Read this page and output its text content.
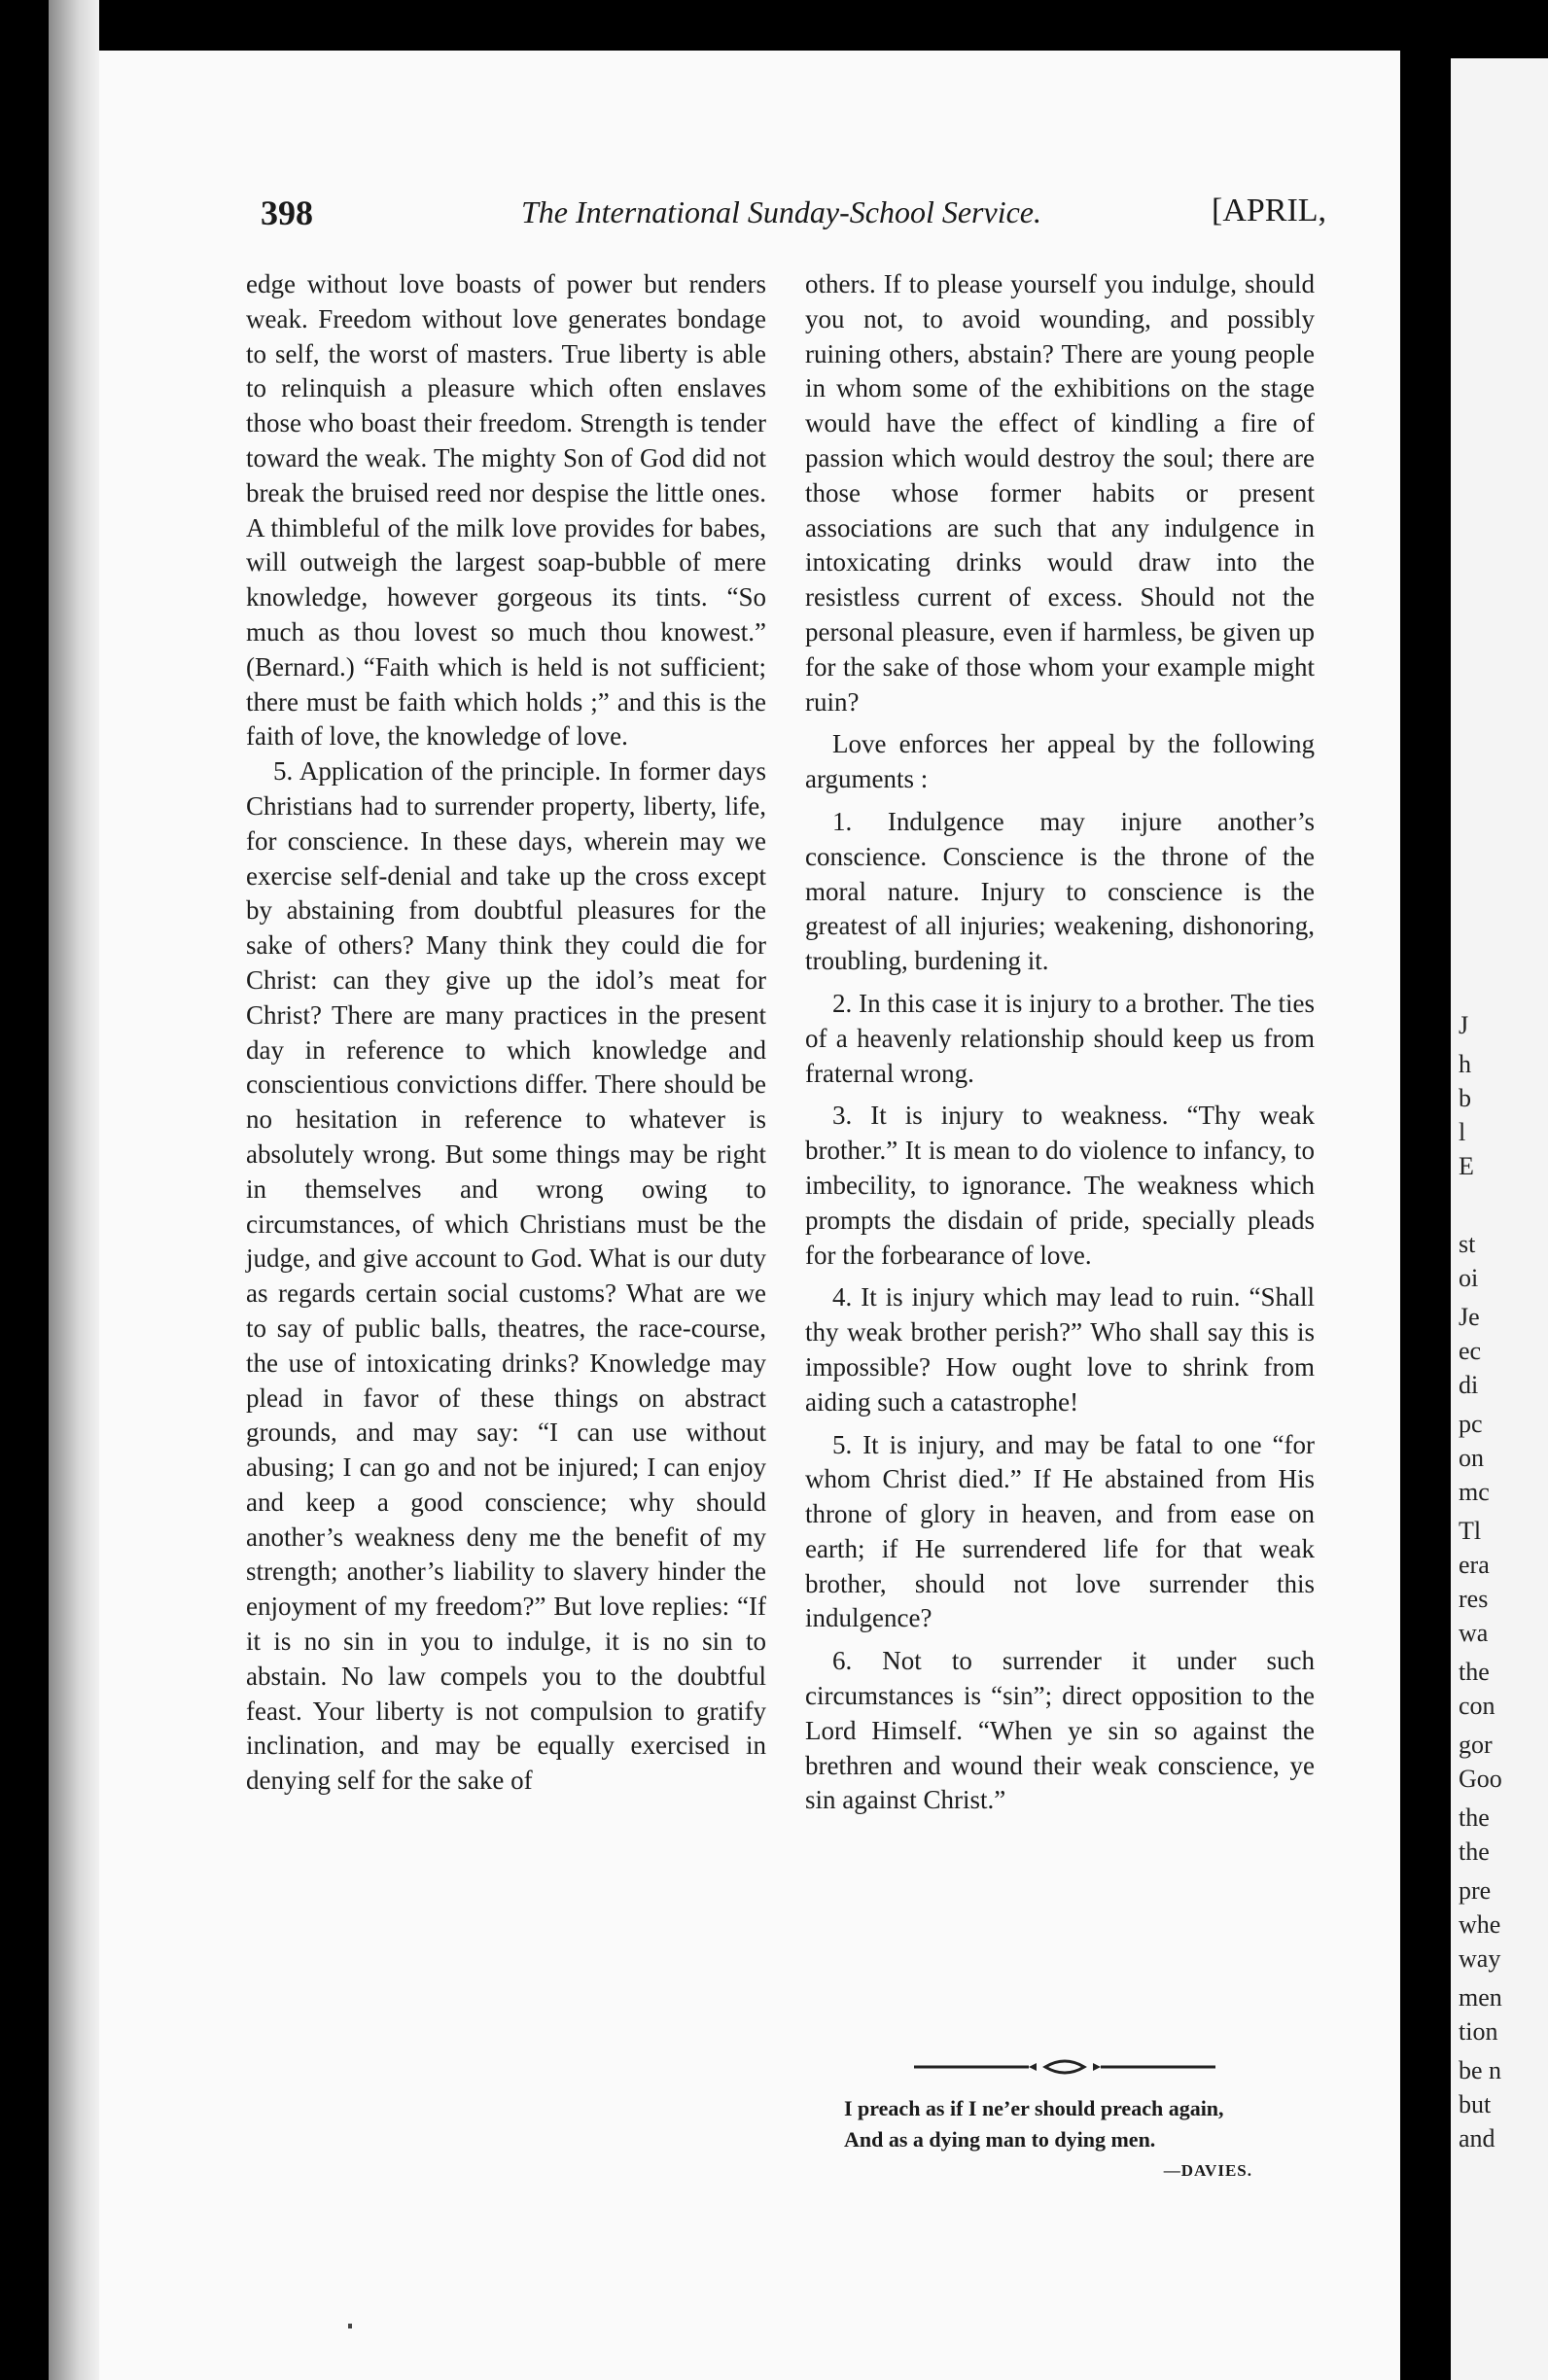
J
h
b
l
E
st
oi
Je
ec
di
pc
on
mc
Tl
era
res
wa
the
con
gor
Goo
the
the
pre
whe
way
men
tion
be n
but
and
398	The International Sunday-School Service.	[APRIL,

edge without love boasts of power but renders weak. Freedom without love generates bondage to self, the worst of masters. True liberty is able to relinquish a pleasure which often enslaves those who boast their freedom. Strength is tender toward the weak. The mighty Son of God did not break the bruised reed nor despise the little ones. A thimbleful of the milk love provides for babes, will outweigh the largest soap-bubble of mere knowledge, however gorgeous its tints. “So much as thou lovest so much thou knowest.” (Bernard.) “Faith which is held is not sufficient; there must be faith which holds ;” and this is the faith of love, the knowledge of love.

5. Application of the principle. In former days Christians had to surrender property, liberty, life, for conscience. In these days, wherein may we exercise self-denial and take up the cross except by abstaining from doubtful pleasures for the sake of others? Many think they could die for Christ: can they give up the idol’s meat for Christ? There are many practices in the present day in reference to which knowledge and conscientious convictions differ. There should be no hesitation in reference to whatever is absolutely wrong. But some things may be right in themselves and wrong owing to circumstances, of which Christians must be the judge, and give account to God. What is our duty as regards certain social customs? What are we to say of public balls, theatres, the race-course, the use of intoxicating drinks? Knowledge may plead in favor of these things on abstract grounds, and may say: “I can use without abusing; I can go and not be injured; I can enjoy and keep a good conscience; why should another’s weakness deny me the benefit of my strength; another’s liability to slavery hinder the enjoyment of my freedom?” But love replies: “If it is no sin in you to indulge, it is no sin to abstain. No law compels you to the doubtful feast. Your liberty is not compulsion to gratify inclination, and may be equally exercised in denying self for the sake of

others. If to please yourself you indulge, should you not, to avoid wounding, and possibly ruining others, abstain? There are young people in whom some of the exhibitions on the stage would have the effect of kindling a fire of passion which would destroy the soul; there are those whose former habits or present associations are such that any indulgence in intoxicating drinks would draw into the resistless current of excess. Should not the personal pleasure, even if harmless, be given up for the sake of those whom your example might ruin?

Love enforces her appeal by the following arguments :

1. Indulgence may injure another’s conscience. Conscience is the throne of the moral nature. Injury to conscience is the greatest of all injuries; weakening, dishonoring, troubling, burdening it.

2. In this case it is injury to a brother. The ties of a heavenly relationship should keep us from fraternal wrong.

3. It is injury to weakness. “Thy weak brother.” It is mean to do violence to infancy, to imbecility, to ignorance. The weakness which prompts the disdain of pride, specially pleads for the forbearance of love.

4. It is injury which may lead to ruin. “Shall thy weak brother perish?” Who shall say this is impossible? How ought love to shrink from aiding such a catastrophe!

5. It is injury, and may be fatal to one “for whom Christ died.” If He abstained from His throne of glory in heaven, and from ease on earth; if He surrendered life for that weak brother, should not love surrender this indulgence?

6. Not to surrender it under such circumstances is “sin”; direct opposition to the Lord Himself. “When ye sin so against the brethren and wound their weak conscience, ye sin against Christ.”

I preach as if I ne’er should preach again,
And as a dying man to dying men.
—DAVIES.
